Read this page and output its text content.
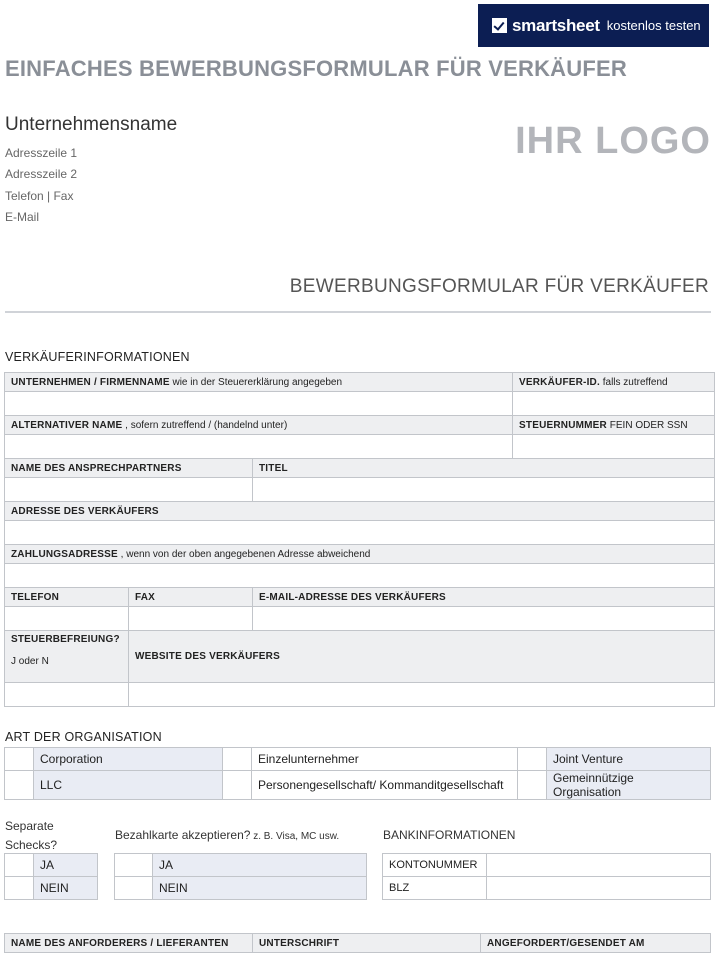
smartsheet kostenlos testen
EINFACHES BEWERBUNGSFORMULAR FÜR VERKÄUFER
Unternehmensname
Adresszeile 1
Adresszeile 2
Telefon | Fax
E-Mail
IHR LOGO
BEWERBUNGSFORMULAR FÜR VERKÄUFER
VERKÄUFERINFORMATIONEN
UNTERNEHMEN / FIRMENNAME wie in der Steuererklärung angegeben			VERKÄUFER-ID. falls zutreffend

ALTERNATIVER NAME , sofern zutreffend / (handelnd unter)			STEUERNUMMER FEIN ODER SSN

NAME DES ANSPRECHPARTNERS		TITEL	

ADRESSE DES VERKÄUFERS			

ZAHLUNGSADRESSE , wenn von der oben angegebenen Adresse abweichend			

TELEFON	FAX	E-MAIL-ADRESSE DES VERKÄUFERS	

STEUERBEFREIUNG?

J oder N	WEBSITE DES VERKÄUFERS		

ART DER ORGANISATION
	Corporation		Einzelunternehmer		Joint Venture
	LLC		Personengesellschaft/ Kommanditgesellschaft		Gemeinnützige Organisation
Separate
Schecks?
	JA
	NEIN
Bezahlkarte akzeptieren? z. B. Visa, MC usw.
	JA
	NEIN
BANKINFORMATIONEN
KONTONUMMER	
BLZ	
NAME DES ANFORDERERS / LIEFERANTEN	UNTERSCHRIFT	ANGEFORDERT/GESENDET AM
